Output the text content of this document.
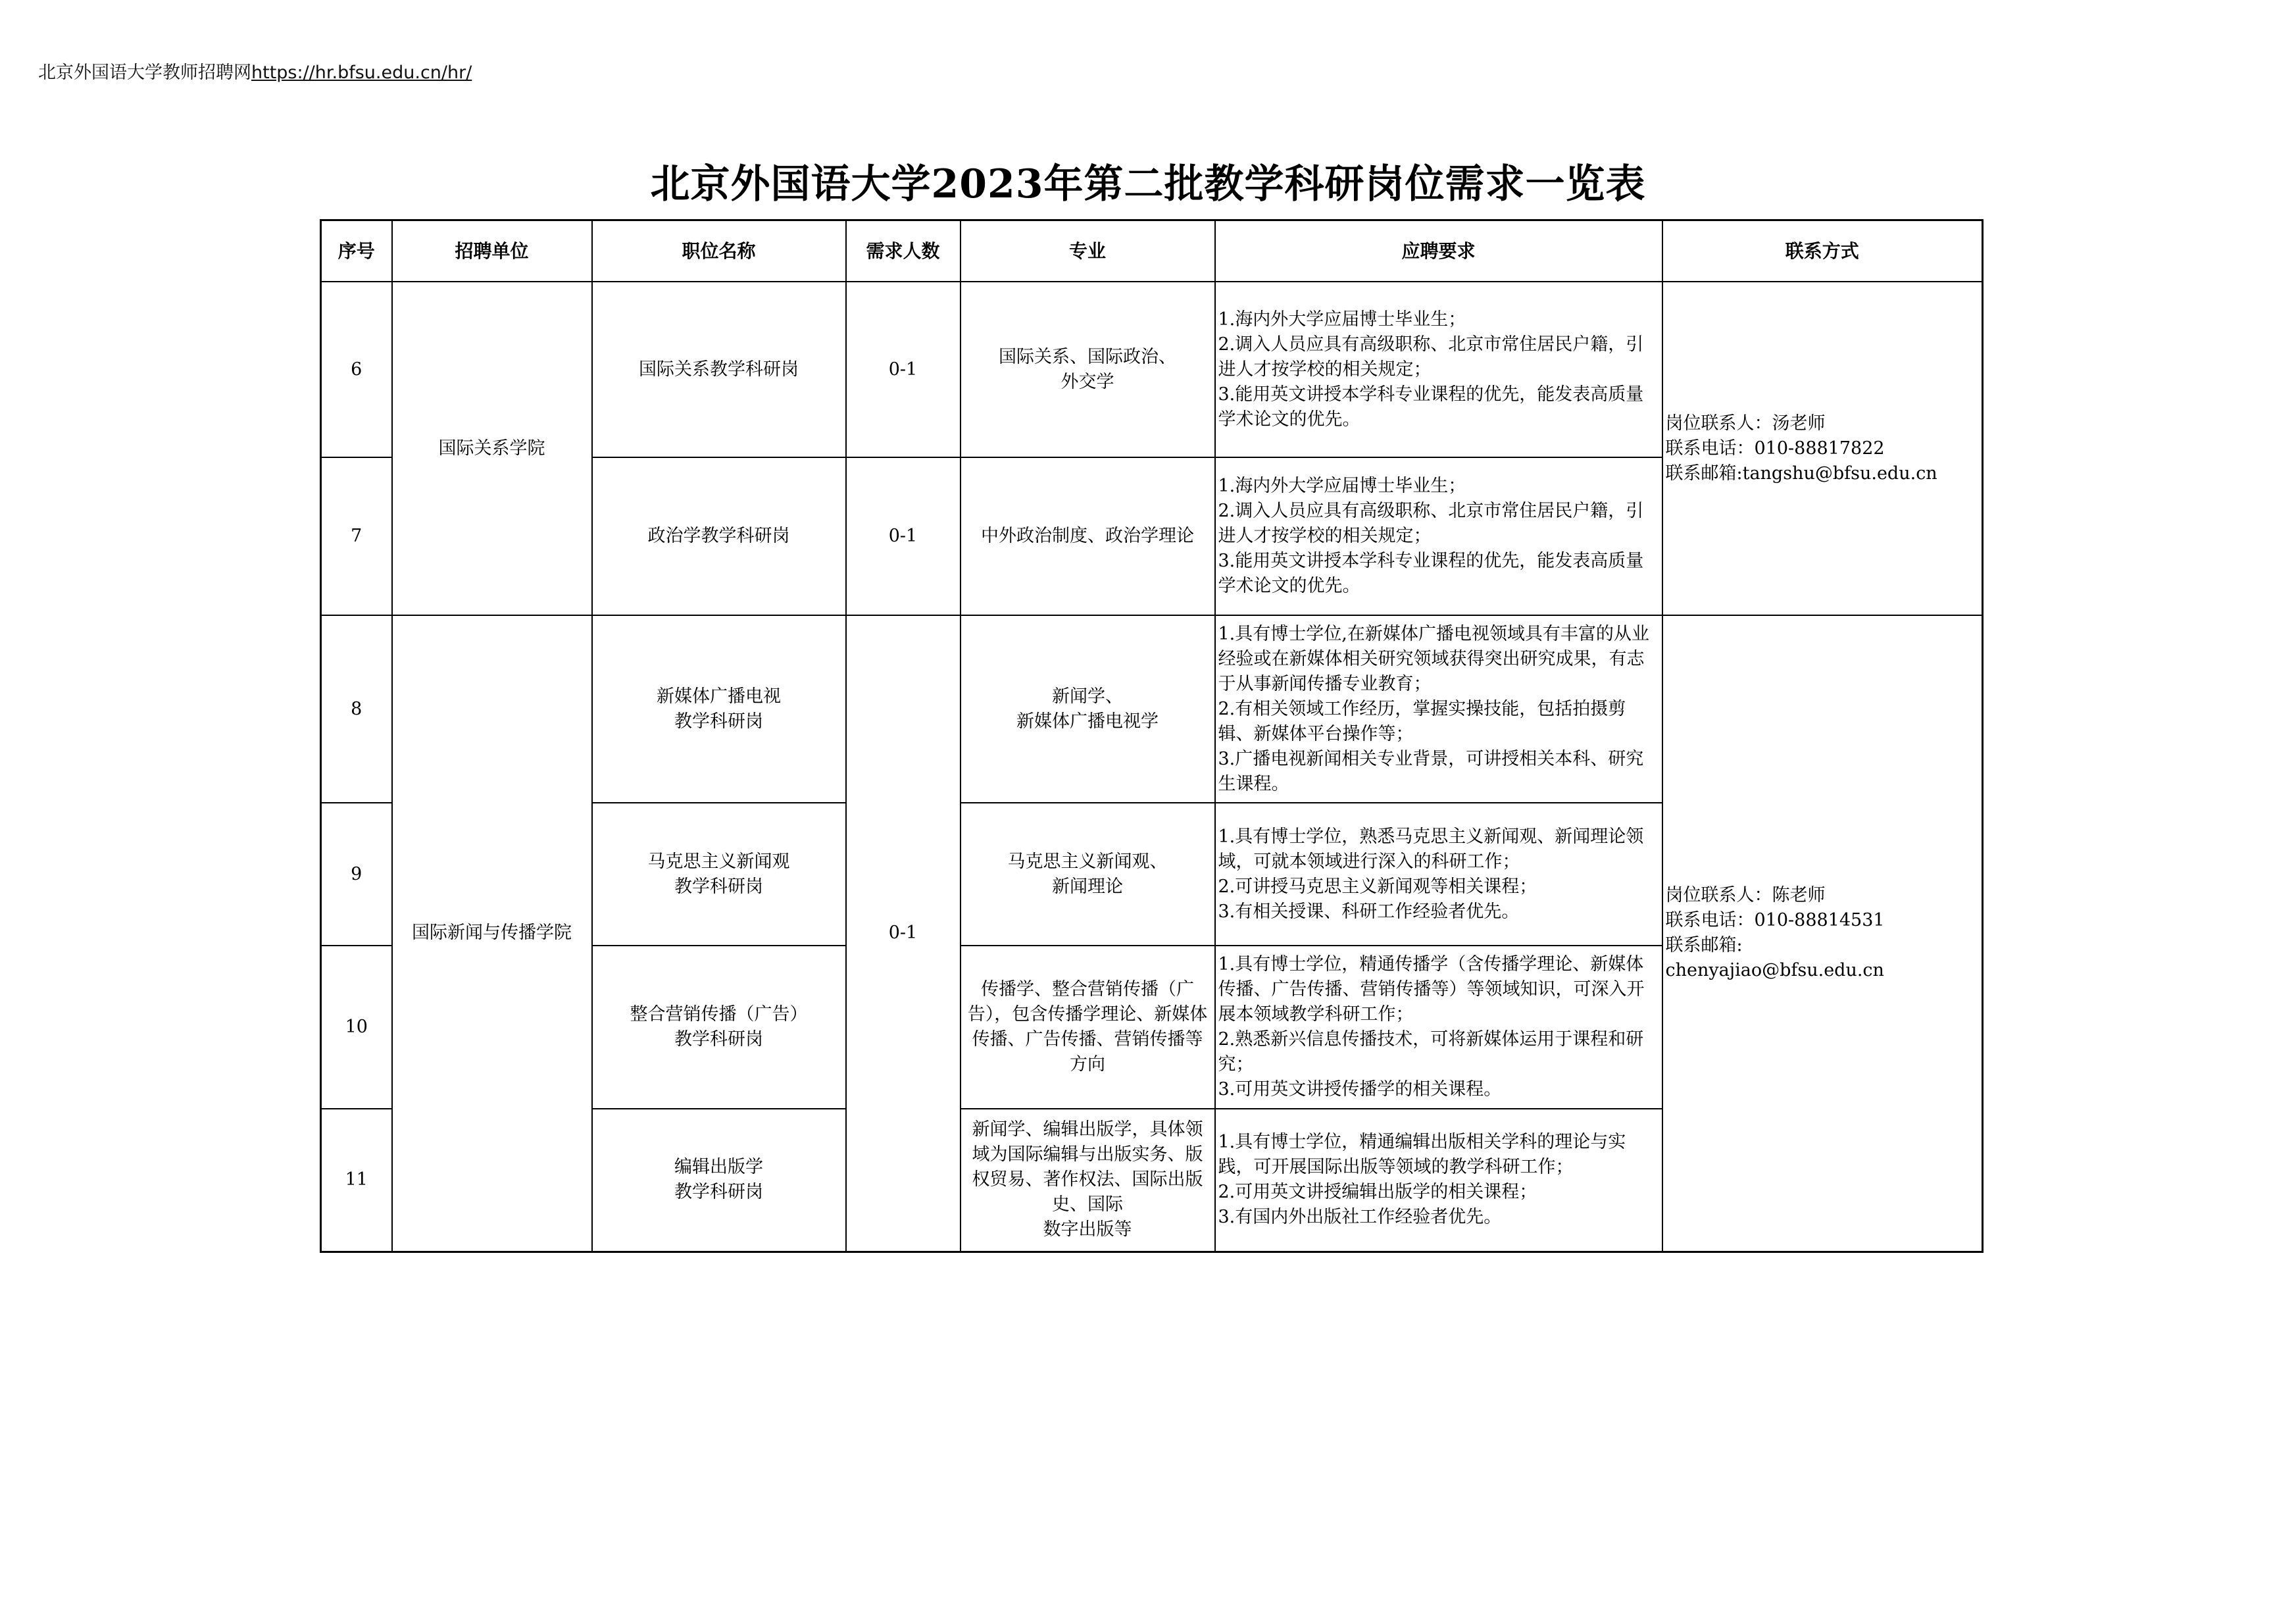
北京外国语大学教师招聘网https://hr.bfsu.edu.cn/hr/
北京外国语大学2023年第二批教学科研岗位需求一览表
序号	招聘单位	职位名称	需求人数	专业	应聘要求	联系方式
6	国际关系学院	国际关系教学科研岗	0-1	国际关系、国际政治、
外交学	1.海内外大学应届博士毕业生；
2.调入人员应具有高级职称、北京市常住居民户籍，引进人才按学校的相关规定；
3.能用英文讲授本学科专业课程的优先，能发表高质量学术论文的优先。	岗位联系人：汤老师
联系电话：010-88817822
联系邮箱:tangshu@bfsu.edu.cn
7		政治学教学科研岗	0-1	中外政治制度、政治学理论	1.海内外大学应届博士毕业生；
2.调入人员应具有高级职称、北京市常住居民户籍，引进人才按学校的相关规定；
3.能用英文讲授本学科专业课程的优先，能发表高质量学术论文的优先。	
8	国际新闻与传播学院	新媒体广播电视
教学科研岗	0-1	新闻学、
新媒体广播电视学	1.具有博士学位,在新媒体广播电视领域具有丰富的从业经验或在新媒体相关研究领域获得突出研究成果，有志于从事新闻传播专业教育；
2.有相关领域工作经历，掌握实操技能，包括拍摄剪辑、新媒体平台操作等；
3.广播电视新闻相关专业背景，可讲授相关本科、研究生课程。	岗位联系人：陈老师
联系电话：010-88814531
联系邮箱:
chenyajiao@bfsu.edu.cn
9		马克思主义新闻观
教学科研岗		马克思主义新闻观、
新闻理论	1.具有博士学位，熟悉马克思主义新闻观、新闻理论领域，可就本领域进行深入的科研工作；
2.可讲授马克思主义新闻观等相关课程；
3.有相关授课、科研工作经验者优先。	
10		整合营销传播（广告）
教学科研岗		传播学、整合营销传播（广告），包含传播学理论、新媒体传播、广告传播、营销传播等方向	1.具有博士学位，精通传播学（含传播学理论、新媒体传播、广告传播、营销传播等）等领域知识，可深入开展本领域教学科研工作；
2.熟悉新兴信息传播技术，可将新媒体运用于课程和研究；
3.可用英文讲授传播学的相关课程。	
11		编辑出版学
教学科研岗		新闻学、编辑出版学，具体领域为国际编辑与出版实务、版权贸易、著作权法、国际出版史、国际
数字出版等	1.具有博士学位，精通编辑出版相关学科的理论与实践，可开展国际出版等领域的教学科研工作；
2.可用英文讲授编辑出版学的相关课程；
3.有国内外出版社工作经验者优先。	
